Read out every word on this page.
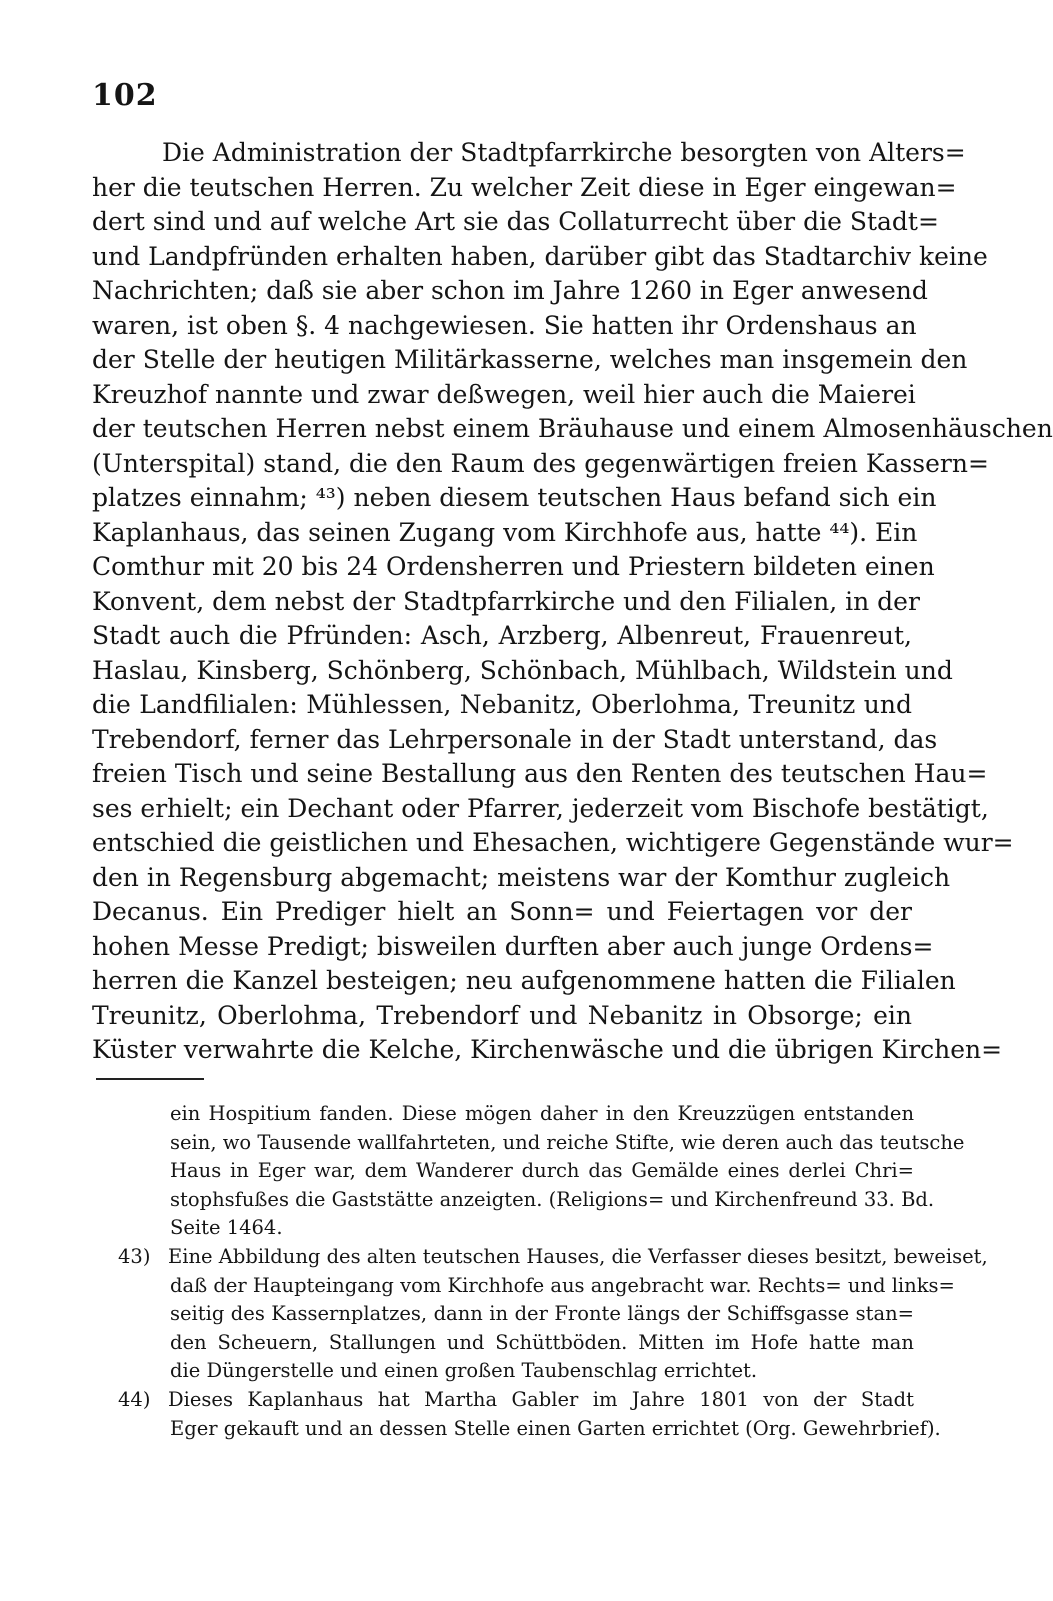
102
Die Administration der Stadtpfarrkirche besorgten von Alters=
her die teutschen Herren. Zu welcher Zeit diese in Eger eingewan=
dert sind und auf welche Art sie das Collaturrecht über die Stadt=
und Landpfründen erhalten haben, darüber gibt das Stadtarchiv keine
Nachrichten; daß sie aber schon im Jahre 1260 in Eger anwesend
waren, ist oben §. 4 nachgewiesen. Sie hatten ihr Ordenshaus an
der Stelle der heutigen Militärkasserne, welches man insgemein den
Kreuzhof nannte und zwar deßwegen, weil hier auch die Maierei
der teutschen Herren nebst einem Bräuhause und einem Almosenhäuschen
(Unterspital) stand, die den Raum des gegenwärtigen freien Kassern=
platzes einnahm; ⁴³) neben diesem teutschen Haus befand sich ein
Kaplanhaus, das seinen Zugang vom Kirchhofe aus, hatte ⁴⁴). Ein
Comthur mit 20 bis 24 Ordensherren und Priestern bildeten einen
Konvent, dem nebst der Stadtpfarrkirche und den Filialen, in der
Stadt auch die Pfründen: Asch, Arzberg, Albenreut, Frauenreut,
Haslau, Kinsberg, Schönberg, Schönbach, Mühlbach, Wildstein und
die Landfilialen: Mühlessen, Nebanitz, Oberlohma, Treunitz und
Trebendorf, ferner das Lehrpersonale in der Stadt unterstand, das
freien Tisch und seine Bestallung aus den Renten des teutschen Hau=
ses erhielt; ein Dechant oder Pfarrer, jederzeit vom Bischofe bestätigt,
entschied die geistlichen und Ehesachen, wichtigere Gegenstände wur=
den in Regensburg abgemacht; meistens war der Komthur zugleich
Decanus. Ein Prediger hielt an Sonn= und Feiertagen vor der
hohen Messe Predigt; bisweilen durften aber auch junge Ordens=
herren die Kanzel besteigen; neu aufgenommene hatten die Filialen
Treunitz, Oberlohma, Trebendorf und Nebanitz in Obsorge; ein
Küster verwahrte die Kelche, Kirchenwäsche und die übrigen Kirchen=
ein Hospitium fanden. Diese mögen daher in den Kreuzzügen entstanden
sein, wo Tausende wallfahrteten, und reiche Stifte, wie deren auch das teutsche
Haus in Eger war, dem Wanderer durch das Gemälde eines derlei Chri=
stophsfußes die Gaststätte anzeigten. (Religions= und Kirchenfreund 33. Bd.
Seite 1464.
43) Eine Abbildung des alten teutschen Hauses, die Verfasser dieses besitzt, beweiset,
daß der Haupteingang vom Kirchhofe aus angebracht war. Rechts= und links=
seitig des Kassernplatzes, dann in der Fronte längs der Schiffsgasse stan=
den Scheuern, Stallungen und Schüttböden. Mitten im Hofe hatte man
die Düngerstelle und einen großen Taubenschlag errichtet.
44) Dieses Kaplanhaus hat Martha Gabler im Jahre 1801 von der Stadt
Eger gekauft und an dessen Stelle einen Garten errichtet (Org. Gewehrbrief).
